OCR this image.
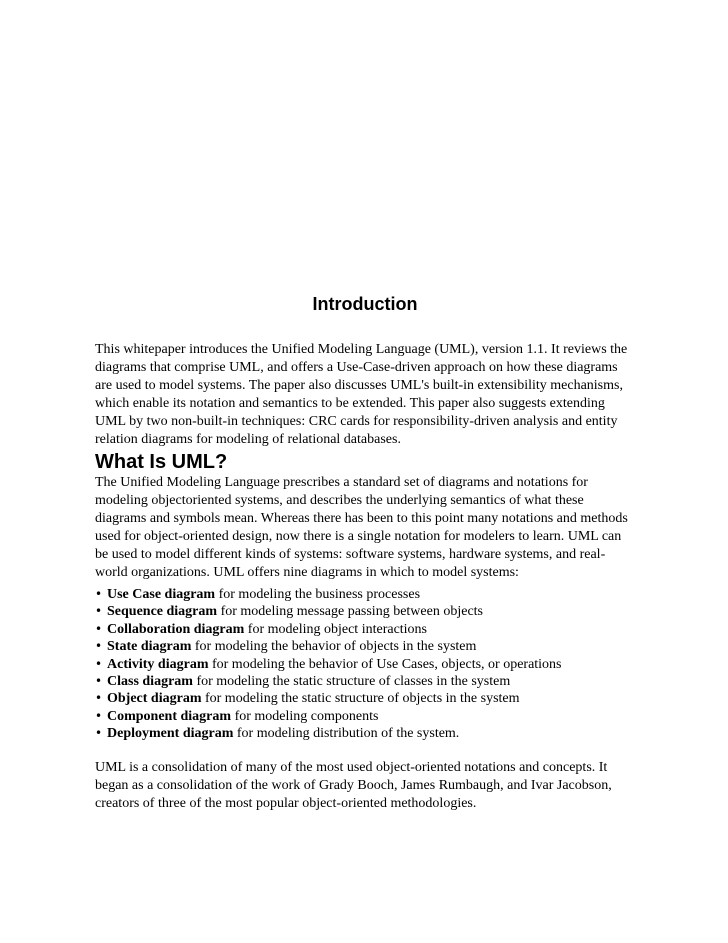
Introduction

This whitepaper introduces the Unified Modeling Language (UML), version 1.1. It reviews the diagrams that comprise UML, and offers a Use-Case-driven approach on how these diagrams are used to model systems. The paper also discusses UML's built-in extensibility mechanisms, which enable its notation and semantics to be extended. This paper also suggests extending UML by two non-built-in techniques: CRC cards for responsibility-driven analysis and entity relation diagrams for modeling of relational databases.

What Is UML?

The Unified Modeling Language prescribes a standard set of diagrams and notations for modeling objectoriented systems, and describes the underlying semantics of what these diagrams and symbols mean. Whereas there has been to this point many notations and methods used for object-oriented design, now there is a single notation for modelers to learn. UML can be used to model different kinds of systems: software systems, hardware systems, and real-world organizations. UML offers nine diagrams in which to model systems:

• Use Case diagram for modeling the business processes
• Sequence diagram for modeling message passing between objects
• Collaboration diagram for modeling object interactions
• State diagram for modeling the behavior of objects in the system
• Activity diagram for modeling the behavior of Use Cases, objects, or operations
• Class diagram for modeling the static structure of classes in the system
• Object diagram for modeling the static structure of objects in the system
• Component diagram for modeling components
• Deployment diagram for modeling distribution of the system.

UML is a consolidation of many of the most used object-oriented notations and concepts. It began as a consolidation of the work of Grady Booch, James Rumbaugh, and Ivar Jacobson, creators of three of the most popular object-oriented methodologies.
